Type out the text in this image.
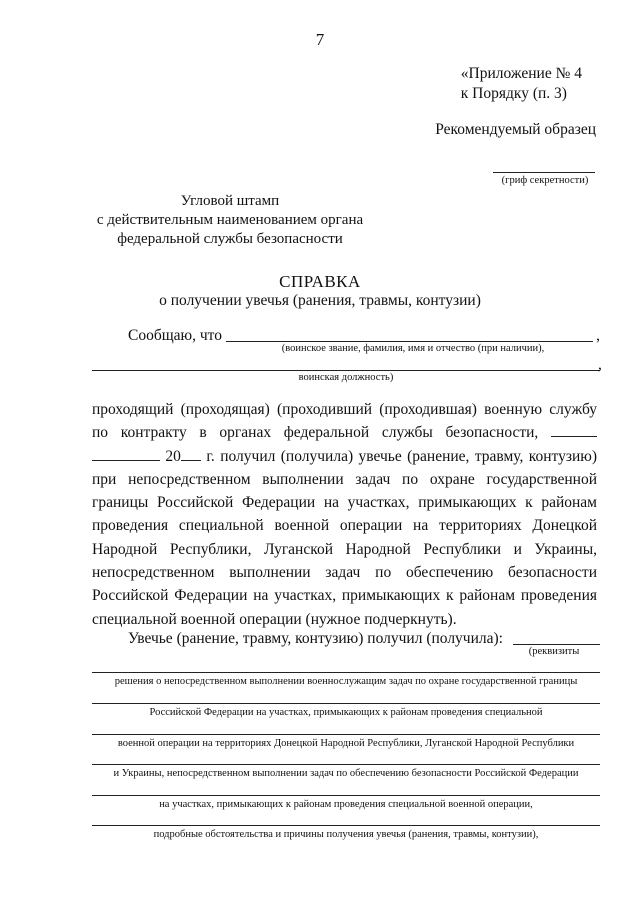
7
«Приложение № 4
к Порядку (п. 3)
Рекомендуемый образец
(гриф секретности)
Угловой штамп
с действительным наименованием органа
федеральной службы безопасности
СПРАВКА
о получении увечья (ранения, травмы, контузии)
Сообщаю, что	,
(воинское звание, фамилия, имя и отчество (при наличии),
,
воинская должность)
проходящий (проходящая) (проходивший (проходившая) военную службу по контракту в органах федеральной службы безопасности,   20 г. получил (получила) увечье (ранение, травму, контузию) при непосредственном выполнении задач по охране государственной границы Российской Федерации на участках, примыкающих к районам проведения специальной военной операции на территориях Донецкой Народной Республики, Луганской Народной Республики и Украины, непосредственном выполнении задач по обеспечению безопасности Российской Федерации на участках, примыкающих к районам проведения специальной военной операции (нужное подчеркнуть).
Увечье (ранение, травму, контузию) получил (получила):
(реквизиты
решения о непосредственном выполнении военнослужащим задач по охране государственной границы
Российской Федерации на участках, примыкающих к районам проведения специальной
военной операции на территориях Донецкой Народной Республики, Луганской Народной Республики
и Украины, непосредственном выполнении задач по обеспечению безопасности Российской Федерации
на участках, примыкающих к районам проведения специальной военной операции,
подробные обстоятельства и причины получения увечья (ранения, травмы, контузии),
